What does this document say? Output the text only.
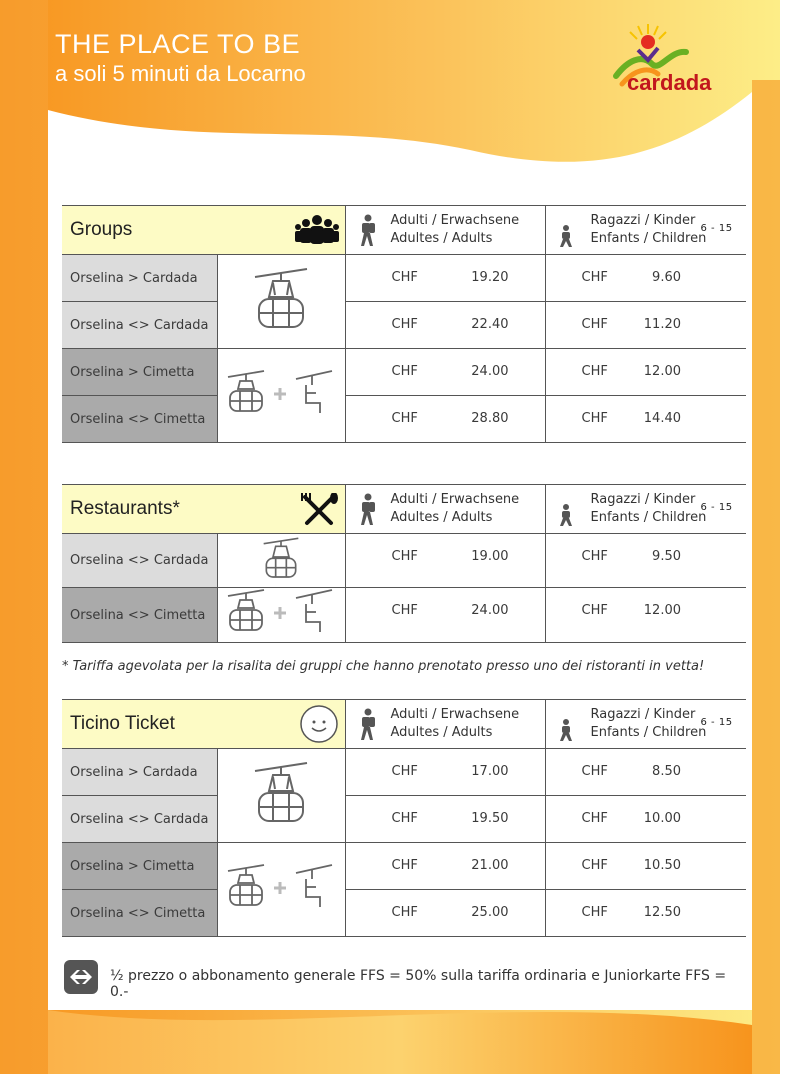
THE PLACE TO BE
a soli 5 minuti da Locarno	cardada
Groups	Adulti / Erwachsene
Adultes / Adults

Ragazzi / Kinder
Enfants / Children
6 - 15
Orselina > Cardada		CHF 19.20	CHF 9.60

Orselina <> Cardada		CHF 22.40	CHF 11.20

Orselina > Cimetta		CHF 24.00	CHF 12.00

Orselina <> Cimetta		CHF 28.80	CHF 14.40
Restaurants*	Adulti / Erwachsene
Adultes / Adults

Ragazzi / Kinder
Enfants / Children
6 - 15
Orselina <> Cardada		CHF 19.00	CHF 9.50

Orselina <> Cimetta		CHF 24.00	CHF 12.00
* Tariffa agevolata per la risalita dei gruppi che hanno prenotato presso uno dei ristoranti in vetta!
Ticino Ticket	Adulti / Erwachsene
Adultes / Adults

Ragazzi / Kinder
Enfants / Children
6 - 15
Orselina > Cardada		CHF 17.00	CHF 8.50

Orselina <> Cardada		CHF 19.50	CHF 10.00

Orselina > Cimetta		CHF 21.00	CHF 10.50

Orselina <> Cimetta		CHF 25.00	CHF 12.50
½ prezzo o abbonamento generale FFS = 50% sulla tariffa ordinaria e Juniorkarte FFS = 0.-
